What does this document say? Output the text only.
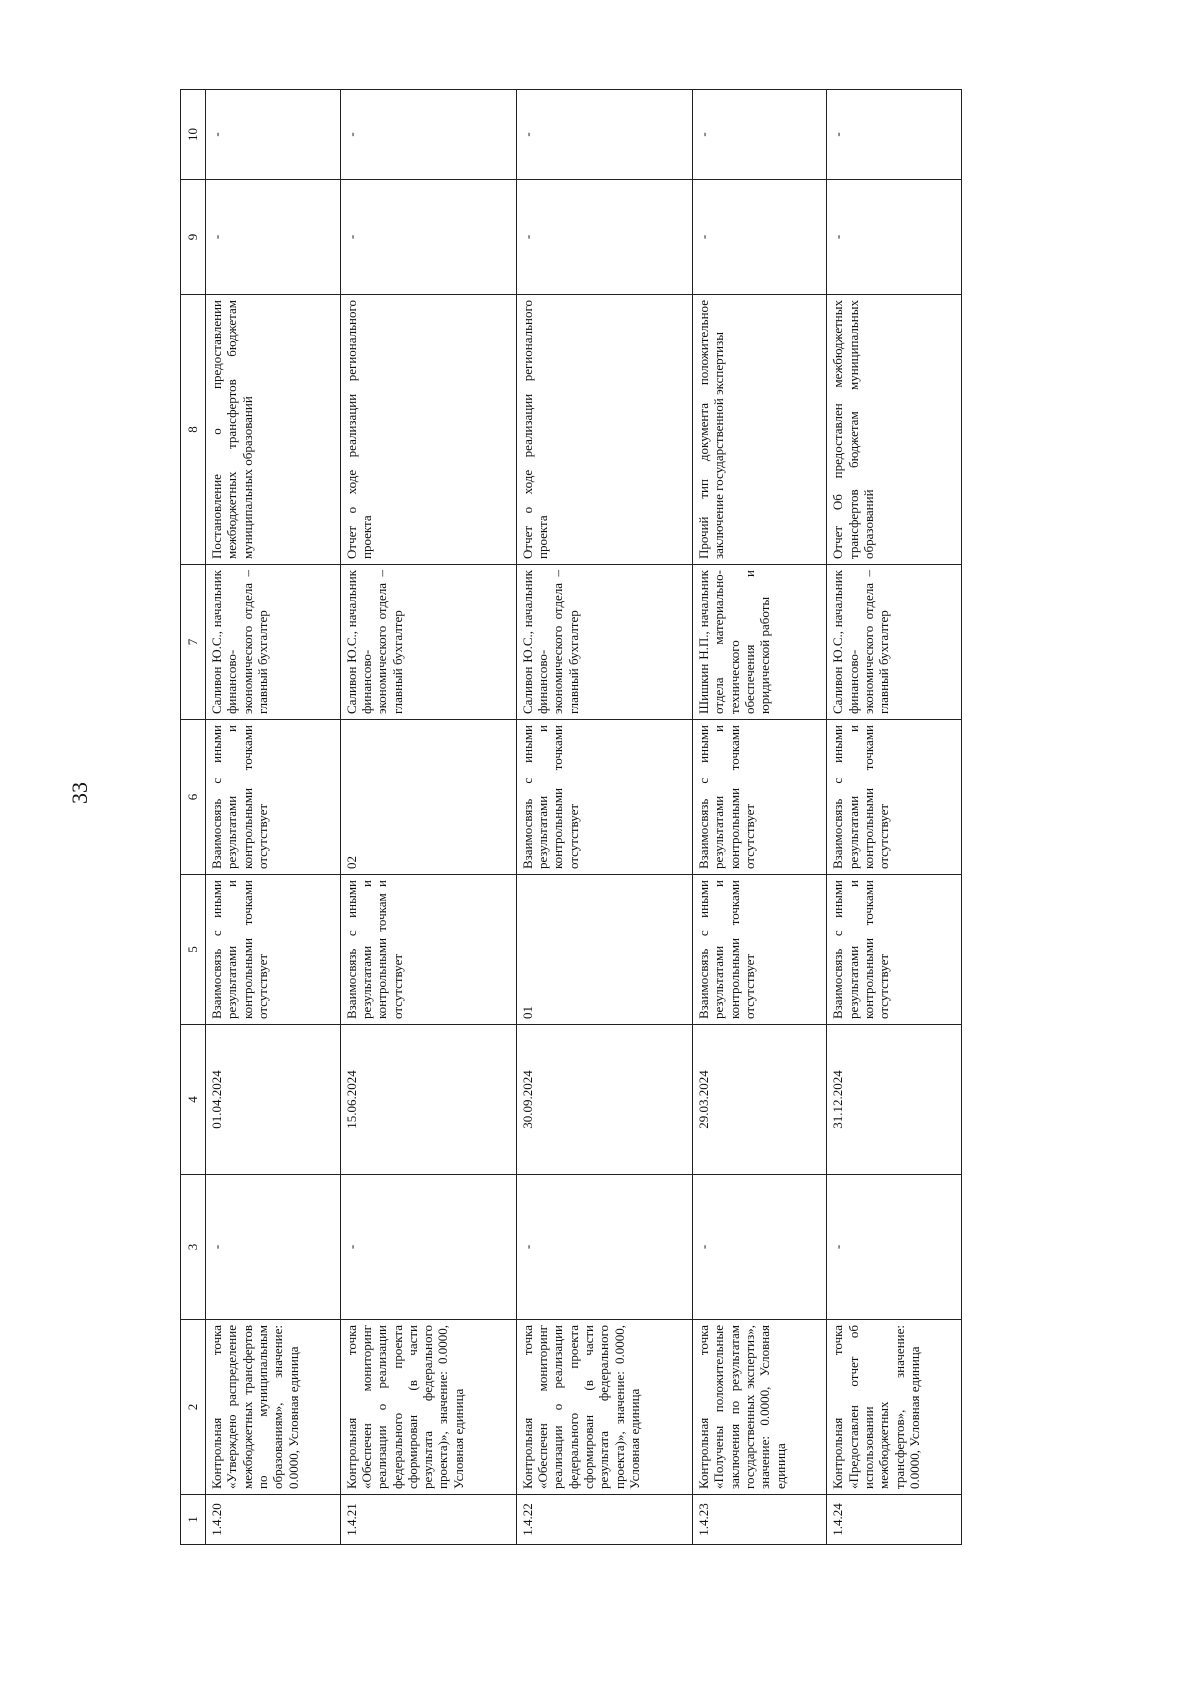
33
1	2	3	4	5	6	7	8	9	10
1.4.20	Контрольная точка «Утверждено распределение межбюджетных трансфертов по муниципальным образованиям», значение: 0.0000, Условная единица	-	01.04.2024	Взаимосвязь с иными результатами и контрольными точками отсутствует	Взаимосвязь с иными результатами и контрольными точками отсутствует	Саливон Ю.С., начальник финансово-экономического отдела – главный бухгалтер	Постановление о предоставлении межбюджетных трансфертов бюджетам муниципальных образований	-	-
1.4.21	Контрольная точка «Обеспечен мониторинг реализации о реализации федерального проекта сформирован (в части результата федерального проекта)», значение: 0.0000, Условная единица	-	15.06.2024	Взаимосвязь с иными результатами и контрольными точкам и отсутствует	02	Саливон Ю.С., начальник финансово-экономического отдела – главный бухгалтер	Отчет о ходе реализации регионального проекта	-	-
1.4.22	Контрольная точка «Обеспечен мониторинг реализации о реализации федерального проекта сформирован (в части результата федерального проекта)», значение: 0.0000, Условная единица	-	30.09.2024	01	Взаимосвязь с иными результатами и контрольными точками отсутствует	Саливон Ю.С., начальник финансово-экономического отдела – главный бухгалтер	Отчет о ходе реализации регионального проекта	-	-
1.4.23	Контрольная точка «Получены положительные заключения по результатам государственных экспертиз», значение: 0.0000, Условная единица	-	29.03.2024	Взаимосвязь с иными результатами и контрольными точками отсутствует	Взаимосвязь с иными результатами и контрольными точками отсутствует	Шишкин Н.П., начальник отдела материально-технического обеспечения и юридической работы	Прочий тип документа положительное заключение государственной экспертизы	-	-
1.4.24	Контрольная точка «Предоставлен отчет об использовании межбюджетных трансфертов», значение: 0.0000, Условная единица	-	31.12.2024	Взаимосвязь с иными результатами и контрольными точками отсутствует	Взаимосвязь с иными результатами и контрольными точками отсутствует	Саливон Ю.С., начальник финансово-экономического отдела – главный бухгалтер	Отчет Об предоставлен межбюджетных трансфертов бюджетам муниципальных образований	-	-
